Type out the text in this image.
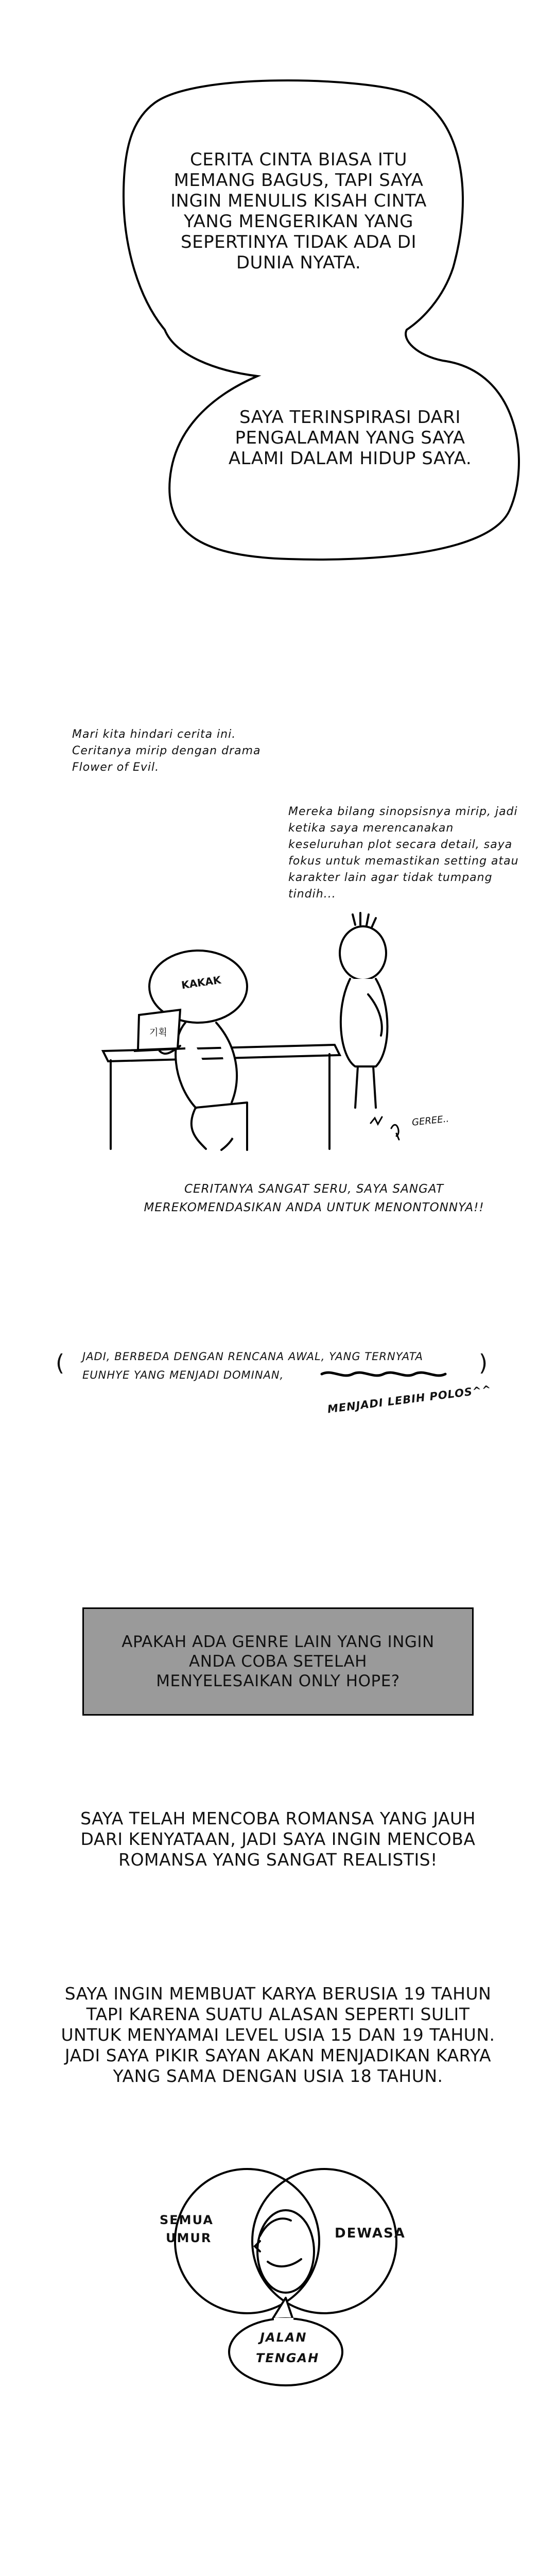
CERITA CINTA BIASA ITU MEMANG BAGUS, TAPI SAYA INGIN MENULIS KISAH CINTA YANG MENGERIKAN YANG SEPERTINYA TIDAK ADA DI DUNIA NYATA.
SAYA TERINSPIRASI DARI PENGALAMAN YANG SAYA ALAMI DALAM HIDUP SAYA.
Mari kita hindari cerita ini. Ceritanya mirip dengan drama Flower of Evil.
Mereka bilang sinopsisnya mirip, jadi ketika saya merencanakan keseluruhan plot secara detail, saya fokus untuk memastikan setting atau karakter lain agar tidak tumpang tindih...
KAKAK
기획
GEREE..
CERITANYA SANGAT SERU, SAYA SANGAT MEREKOMENDASIKAN ANDA UNTUK MENONTONNYA!!
( JADI, BERBEDA DENGAN RENCANA AWAL, YANG TERNYATA EUNHYE YANG MENJADI DOMINAN,	)
MENJADI LEBIH POLOS^^
APAKAH ADA GENRE LAIN YANG INGIN ANDA COBA SETELAH MENYELESAIKAN ONLY HOPE?
SAYA TELAH MENCOBA ROMANSA YANG JAUH DARI KENYATAAN, JADI SAYA INGIN MENCOBA ROMANSA YANG SANGAT REALISTIS!
SAYA INGIN MEMBUAT KARYA BERUSIA 19 TAHUN TAPI KARENA SUATU ALASAN SEPERTI SULIT UNTUK MENYAMAI LEVEL USIA 15 DAN 19 TAHUN. JADI SAYA PIKIR SAYAN AKAN MENJADIKAN KARYA YANG SAMA DENGAN USIA 18 TAHUN.
SEMUA
UMUR	DEWASA
JALAN
TENGAH
